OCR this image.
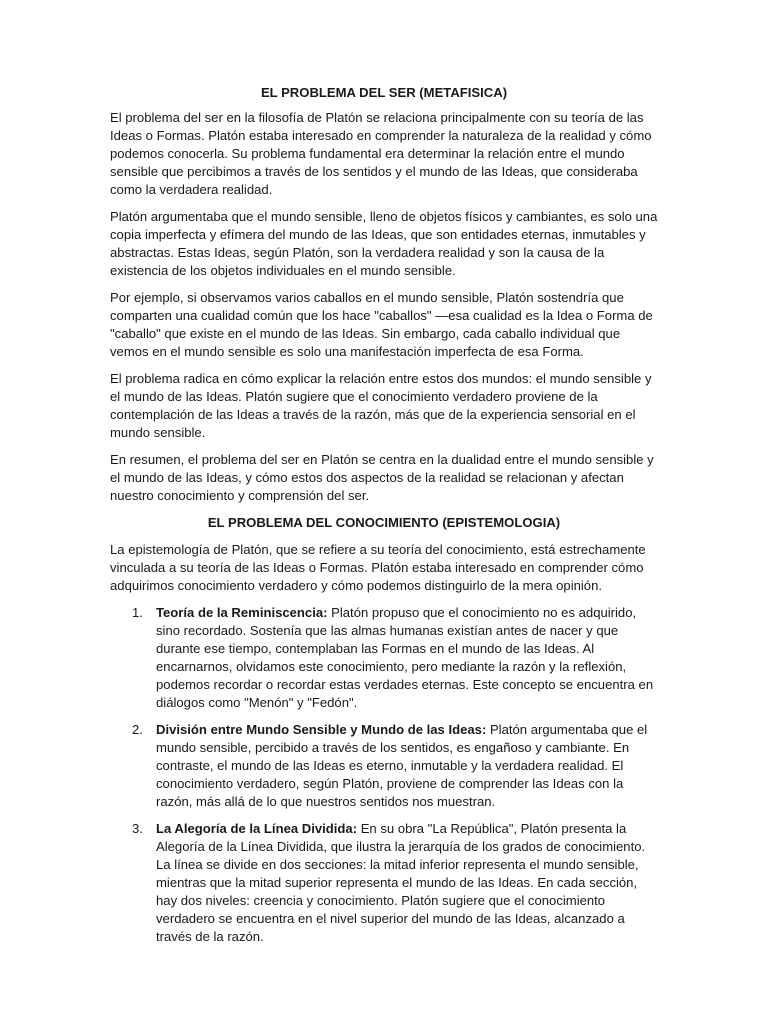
EL PROBLEMA DEL SER (METAFISICA)

El problema del ser en la filosofía de Platón se relaciona principalmente con su teoría de las Ideas o Formas. Platón estaba interesado en comprender la naturaleza de la realidad y cómo podemos conocerla. Su problema fundamental era determinar la relación entre el mundo sensible que percibimos a través de los sentidos y el mundo de las Ideas, que consideraba como la verdadera realidad.

Platón argumentaba que el mundo sensible, lleno de objetos físicos y cambiantes, es solo una copia imperfecta y efímera del mundo de las Ideas, que son entidades eternas, inmutables y abstractas. Estas Ideas, según Platón, son la verdadera realidad y son la causa de la existencia de los objetos individuales en el mundo sensible.

Por ejemplo, si observamos varios caballos en el mundo sensible, Platón sostendría que comparten una cualidad común que los hace "caballos" —esa cualidad es la Idea o Forma de "caballo" que existe en el mundo de las Ideas. Sin embargo, cada caballo individual que vemos en el mundo sensible es solo una manifestación imperfecta de esa Forma.

El problema radica en cómo explicar la relación entre estos dos mundos: el mundo sensible y el mundo de las Ideas. Platón sugiere que el conocimiento verdadero proviene de la contemplación de las Ideas a través de la razón, más que de la experiencia sensorial en el mundo sensible.

En resumen, el problema del ser en Platón se centra en la dualidad entre el mundo sensible y el mundo de las Ideas, y cómo estos dos aspectos de la realidad se relacionan y afectan nuestro conocimiento y comprensión del ser.

EL PROBLEMA DEL CONOCIMIENTO (EPISTEMOLOGIA)

La epistemología de Platón, que se refiere a su teoría del conocimiento, está estrechamente vinculada a su teoría de las Ideas o Formas. Platón estaba interesado en comprender cómo adquirimos conocimiento verdadero y cómo podemos distinguirlo de la mera opinión.

1. Teoría de la Reminiscencia: Platón propuso que el conocimiento no es adquirido, sino recordado. Sostenía que las almas humanas existían antes de nacer y que durante ese tiempo, contemplaban las Formas en el mundo de las Ideas. Al encarnarnos, olvidamos este conocimiento, pero mediante la razón y la reflexión, podemos recordar o recordar estas verdades eternas. Este concepto se encuentra en diálogos como "Menón" y "Fedón".
2. División entre Mundo Sensible y Mundo de las Ideas: Platón argumentaba que el mundo sensible, percibido a través de los sentidos, es engañoso y cambiante. En contraste, el mundo de las Ideas es eterno, inmutable y la verdadera realidad. El conocimiento verdadero, según Platón, proviene de comprender las Ideas con la razón, más allá de lo que nuestros sentidos nos muestran.
3. La Alegoría de la Línea Dividida: En su obra "La República", Platón presenta la Alegoría de la Línea Dividida, que ilustra la jerarquía de los grados de conocimiento. La línea se divide en dos secciones: la mitad inferior representa el mundo sensible, mientras que la mitad superior representa el mundo de las Ideas. En cada sección, hay dos niveles: creencia y conocimiento. Platón sugiere que el conocimiento verdadero se encuentra en el nivel superior del mundo de las Ideas, alcanzado a través de la razón.
